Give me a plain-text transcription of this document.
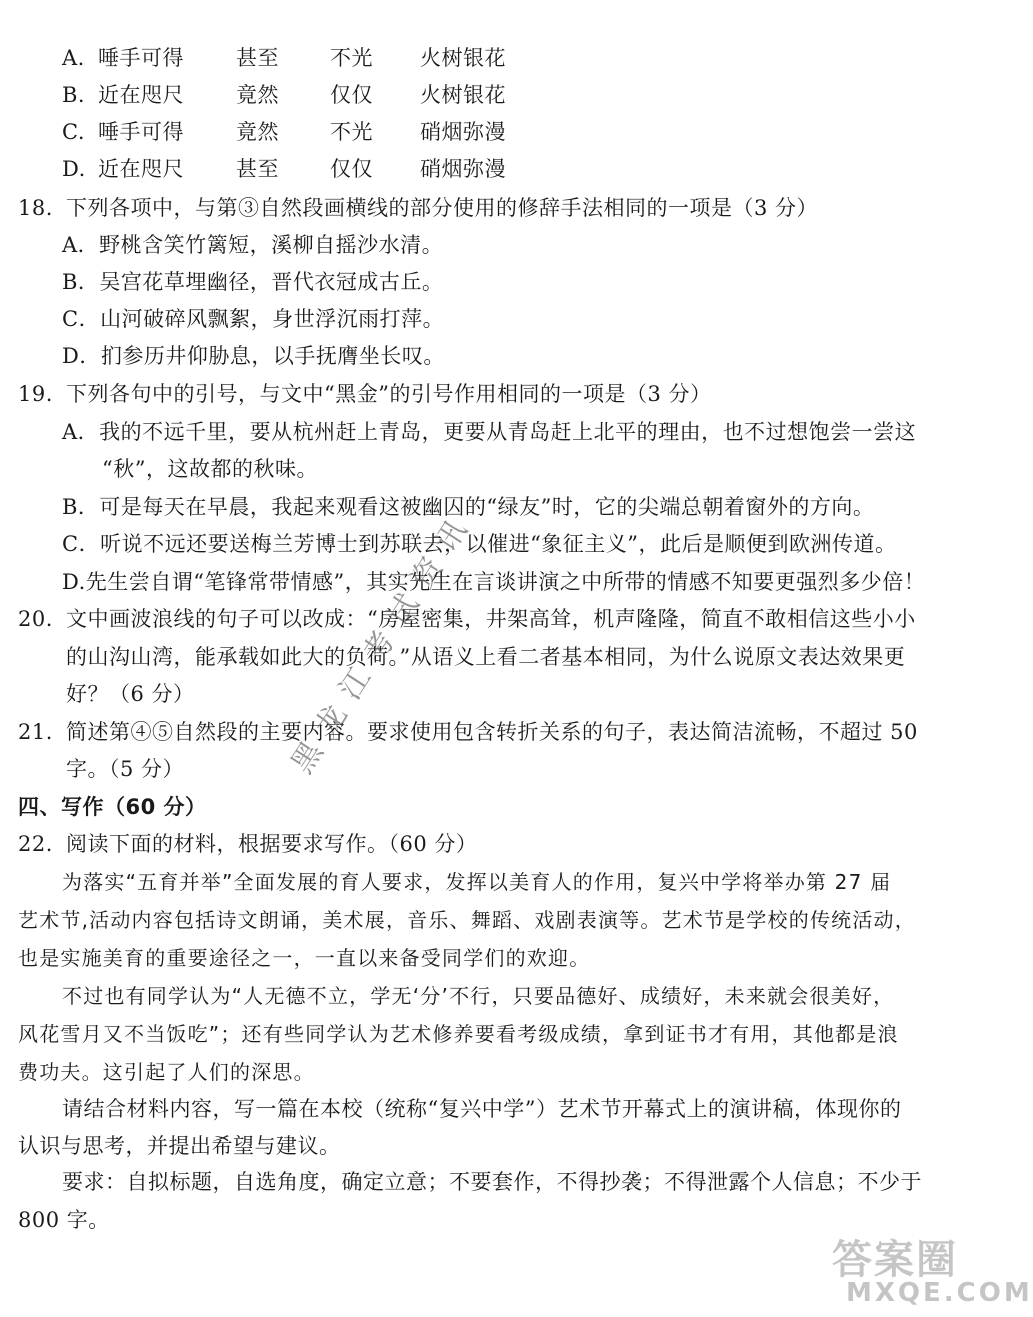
A. 唾手可得 甚至 不光 火树银花
B. 近在咫尺 竟然 仅仅 火树银花
C. 唾手可得 竟然 不光 硝烟弥漫
D. 近在咫尺 甚至 仅仅 硝烟弥漫
18. 下列各项中，与第③自然段画横线的部分使用的修辞手法相同的一项是（3 分）
A．野桃含笑竹篱短，溪柳自摇沙水清。
B．吴宫花草埋幽径，晋代衣冠成古丘。
C．山河破碎风飘絮，身世浮沉雨打萍。
D．扪参历井仰胁息，以手抚膺坐长叹。
19. 下列各句中的引号，与文中“黑金”的引号作用相同的一项是（3 分）
A．我的不远千里，要从杭州赶上青岛，更要从青岛赶上北平的理由，也不过想饱尝一尝这
“秋”，这故都的秋味。
B．可是每天在早晨，我起来观看这被幽囚的“绿友”时，它的尖端总朝着窗外的方向。
C．听说不远还要送梅兰芳博士到苏联去，以催进“象征主义”，此后是顺便到欧洲传道。
D.先生尝自谓“笔锋常带情感”，其实先生在言谈讲演之中所带的情感不知要更强烈多少倍！
20. 文中画波浪线的句子可以改成：“房屋密集，井架高耸，机声隆隆，简直不敢相信这些小小
的山沟山湾，能承载如此大的负荷。”从语义上看二者基本相同，为什么说原文表达效果更
好？（6 分）
21. 简述第④⑤自然段的主要内容。要求使用包含转折关系的句子，表达简洁流畅，不超过 50
字。（5 分）
四、写作（60 分）
22. 阅读下面的材料，根据要求写作。（60 分）
为落实“五育并举”全面发展的育人要求，发挥以美育人的作用，复兴中学将举办第 27 届
艺术节,活动内容包括诗文朗诵，美术展，音乐、舞蹈、戏剧表演等。艺术节是学校的传统活动，
也是实施美育的重要途径之一，一直以来备受同学们的欢迎。
不过也有同学认为“人无德不立，学无‘分’不行，只要品德好、成绩好，未来就会很美好，
风花雪月又不当饭吃”；还有些同学认为艺术修养要看考级成绩，拿到证书才有用，其他都是浪
费功夫。这引起了人们的深思。
请结合材料内容，写一篇在本校（统称“复兴中学”）艺术节开幕式上的演讲稿，体现你的
认识与思考，并提出希望与建议。
要求：自拟标题，自选角度，确定立意；不要套作，不得抄袭；不得泄露个人信息；不少于
800 字。
黑龙江考试资讯
答案圈
MXQE.COM
